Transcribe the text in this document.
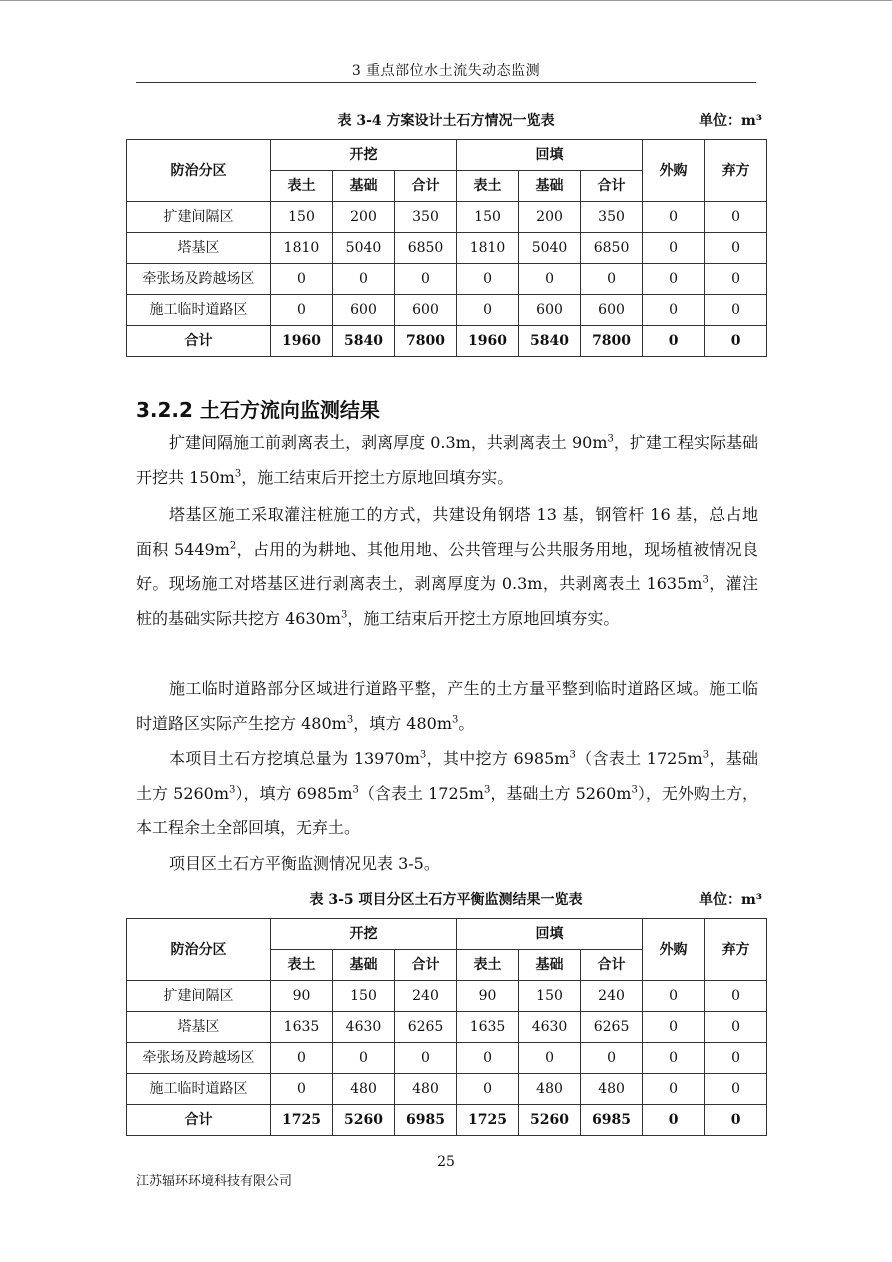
3 重点部位水土流失动态监测
表 3-4 方案设计土石方情况一览表	单位：m³
防治分区	开挖			回填			外购	弃方
	表土	基础	合计	表土	基础	合计		
扩建间隔区	150	200	350	150	200	350	0	0
塔基区	1810	5040	6850	1810	5040	6850	0	0
牵张场及跨越场区	0	0	0	0	0	0	0	0
施工临时道路区	0	600	600	0	600	600	0	0
合计	1960	5840	7800	1960	5840	7800	0	0
3.2.2 土石方流向监测结果

扩建间隔施工前剥离表土，剥离厚度 0.3m，共剥离表土 $90m^3$，扩建工程实际基础开挖共 $150m^3$，施工结束后开挖土方原地回填夯实。

塔基区施工采取灌注桩施工的方式，共建设角钢塔 13 基，钢管杆 16 基，总占地面积 $5449m^2$，占用的为耕地、其他用地、公共管理与公共服务用地，现场植被情况良好。现场施工对塔基区进行剥离表土，剥离厚度为 0.3m，共剥离表土 $1635m^3$，灌注桩的基础实际共挖方 $4630m^3$，施工结束后开挖土方原地回填夯实。

施工临时道路部分区域进行道路平整，产生的土方量平整到临时道路区域。施工临时道路区实际产生挖方 $480m^3$，填方 $480m^3$。

本项目土石方挖填总量为 $13970m^3$，其中挖方 $6985m^3$（含表土 $1725m^3$，基础土方 $5260m^3$），填方 $6985m^3$（含表土 $1725m^3$，基础土方 $5260m^3$），无外购土方，本工程余土全部回填，无弃土。

项目区土石方平衡监测情况见表 3-5。

表 3-5 项目分区土石方平衡监测结果一览表	单位：m³
防治分区	开挖			回填			外购	弃方
	表土	基础	合计	表土	基础	合计		
扩建间隔区	90	150	240	90	150	240	0	0
塔基区	1635	4630	6265	1635	4630	6265	0	0
牵张场及跨越场区	0	0	0	0	0	0	0	0
施工临时道路区	0	480	480	0	480	480	0	0
合计	1725	5260	6985	1725	5260	6985	0	0
25
江苏辐环环境科技有限公司
